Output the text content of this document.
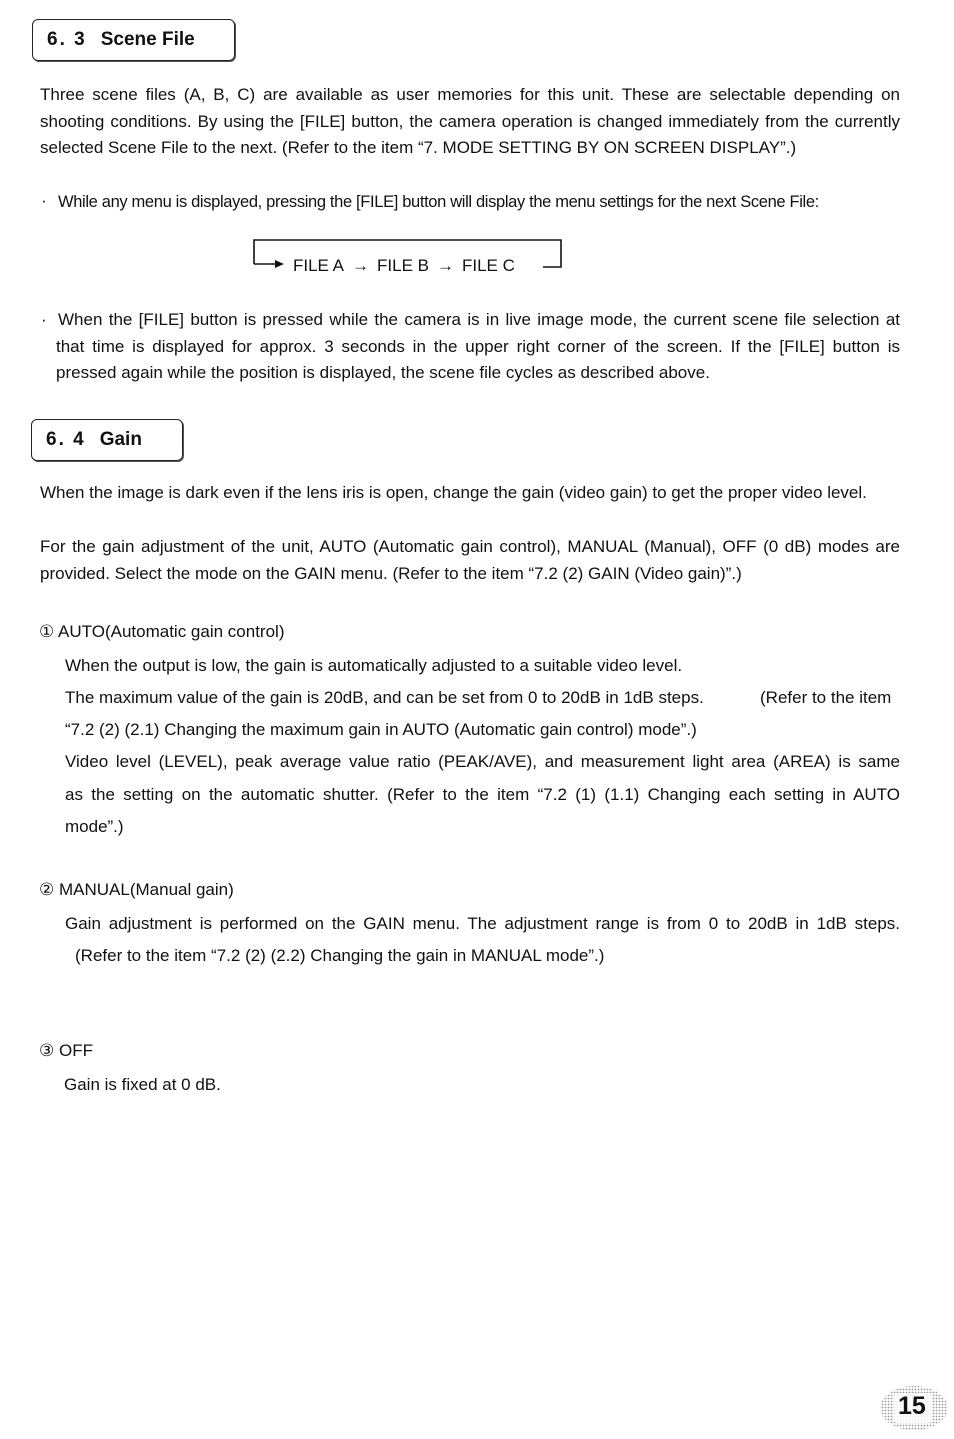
6. 3 Scene File
Three scene files (A, B, C) are available as user memories for this unit. These are selectable depending on shooting conditions. By using the [FILE] button, the camera operation is changed immediately from the currently selected Scene File to the next. (Refer to the item “7. MODE SETTING BY ON SCREEN DISPLAY”.)
· While any menu is displayed, pressing the [FILE] button will display the menu settings for the next Scene File:
FILE A → FILE B → FILE C
· When the [FILE] button is pressed while the camera is in live image mode, the current scene file selection at that time is displayed for approx. 3 seconds in the upper right corner of the screen. If the [FILE] button is pressed again while the position is displayed, the scene file cycles as described above.
6. 4 Gain
When the image is dark even if the lens iris is open, change the gain (video gain) to get the proper video level.
For the gain adjustment of the unit, AUTO (Automatic gain control), MANUAL (Manual), OFF (0 dB) modes are provided. Select the mode on the GAIN menu. (Refer to the item “7.2 (2) GAIN (Video gain)”.)
① AUTO(Automatic gain control)
When the output is low, the gain is automatically adjusted to a suitable video level.
The maximum value of the gain is 20dB, and can be set from 0 to 20dB in 1dB steps.	(Refer to the item
“7.2 (2) (2.1) Changing the maximum gain in AUTO (Automatic gain control) mode”.)
Video level (LEVEL), peak average value ratio (PEAK/AVE), and measurement light area (AREA) is same
as the setting on the automatic shutter. (Refer to the item “7.2 (1) (1.1) Changing each setting in AUTO
mode”.)
② MANUAL(Manual gain)
Gain adjustment is performed on the GAIN menu. The adjustment range is from 0 to 20dB in 1dB steps.
(Refer to the item “7.2 (2) (2.2) Changing the gain in MANUAL mode”.)
③ OFF
Gain is fixed at 0 dB.
15
